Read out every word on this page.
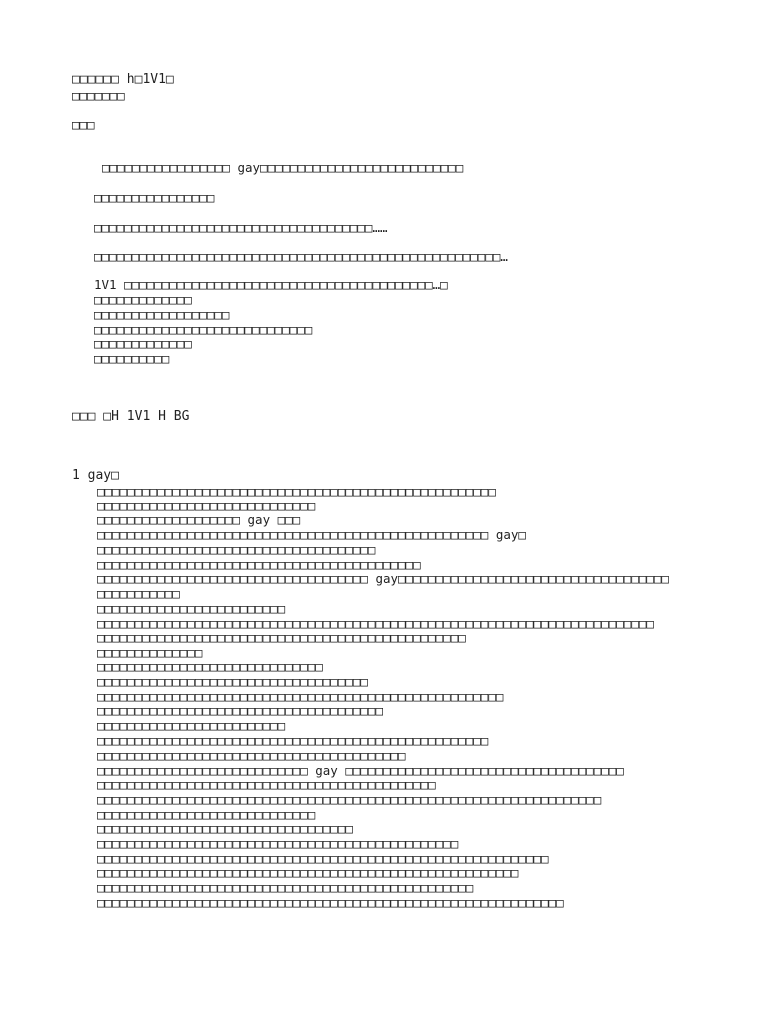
□□□□□□ h□1V1□
□□□□□□□
□□□
□□□□□□□□□□□□□□□□□ gay□□□□□□□□□□□□□□□□□□□□□□□□□□□
□□□□□□□□□□□□□□□□
□□□□□□□□□□□□□□□□□□□□□□□□□□□□□□□□□□□□□……
□□□□□□□□□□□□□□□□□□□□□□□□□□□□□□□□□□□□□□□□□□□□□□□□□□□□□□…
1V1 □□□□□□□□□□□□□□□□□□□□□□□□□□□□□□□□□□□□□□□□□…□
□□□□□□□□□□□□□
□□□□□□□□□□□□□□□□□□
□□□□□□□□□□□□□□□□□□□□□□□□□□□□□
□□□□□□□□□□□□□
□□□□□□□□□□
□□□ □H 1V1 H BG
1 gay□
□□□□□□□□□□□□□□□□□□□□□□□□□□□□□□□□□□□□□□□□□□□□□□□□□□□□□
□□□□□□□□□□□□□□□□□□□□□□□□□□□□□
□□□□□□□□□□□□□□□□□□□ gay □□□
□□□□□□□□□□□□□□□□□□□□□□□□□□□□□□□□□□□□□□□□□□□□□□□□□□□□ gay□
□□□□□□□□□□□□□□□□□□□□□□□□□□□□□□□□□□□□□
□□□□□□□□□□□□□□□□□□□□□□□□□□□□□□□□□□□□□□□□□□□
□□□□□□□□□□□□□□□□□□□□□□□□□□□□□□□□□□□□ gay□□□□□□□□□□□□□□□□□□□□□□□□□□□□□□□□□□□□
□□□□□□□□□□□
□□□□□□□□□□□□□□□□□□□□□□□□□
□□□□□□□□□□□□□□□□□□□□□□□□□□□□□□□□□□□□□□□□□□□□□□□□□□□□□□□□□□□□□□□□□□□□□□□□□□
□□□□□□□□□□□□□□□□□□□□□□□□□□□□□□□□□□□□□□□□□□□□□□□□□
□□□□□□□□□□□□□□
□□□□□□□□□□□□□□□□□□□□□□□□□□□□□□
□□□□□□□□□□□□□□□□□□□□□□□□□□□□□□□□□□□□
□□□□□□□□□□□□□□□□□□□□□□□□□□□□□□□□□□□□□□□□□□□□□□□□□□□□□□
□□□□□□□□□□□□□□□□□□□□□□□□□□□□□□□□□□□□□□
□□□□□□□□□□□□□□□□□□□□□□□□□
□□□□□□□□□□□□□□□□□□□□□□□□□□□□□□□□□□□□□□□□□□□□□□□□□□□□
□□□□□□□□□□□□□□□□□□□□□□□□□□□□□□□□□□□□□□□□□
□□□□□□□□□□□□□□□□□□□□□□□□□□□□ gay □□□□□□□□□□□□□□□□□□□□□□□□□□□□□□□□□□□□□
□□□□□□□□□□□□□□□□□□□□□□□□□□□□□□□□□□□□□□□□□□□□□
□□□□□□□□□□□□□□□□□□□□□□□□□□□□□□□□□□□□□□□□□□□□□□□□□□□□□□□□□□□□□□□□□□□
□□□□□□□□□□□□□□□□□□□□□□□□□□□□□
□□□□□□□□□□□□□□□□□□□□□□□□□□□□□□□□□□
□□□□□□□□□□□□□□□□□□□□□□□□□□□□□□□□□□□□□□□□□□□□□□□□
□□□□□□□□□□□□□□□□□□□□□□□□□□□□□□□□□□□□□□□□□□□□□□□□□□□□□□□□□□□□
□□□□□□□□□□□□□□□□□□□□□□□□□□□□□□□□□□□□□□□□□□□□□□□□□□□□□□□□
□□□□□□□□□□□□□□□□□□□□□□□□□□□□□□□□□□□□□□□□□□□□□□□□□□
□□□□□□□□□□□□□□□□□□□□□□□□□□□□□□□□□□□□□□□□□□□□□□□□□□□□□□□□□□□□□□
